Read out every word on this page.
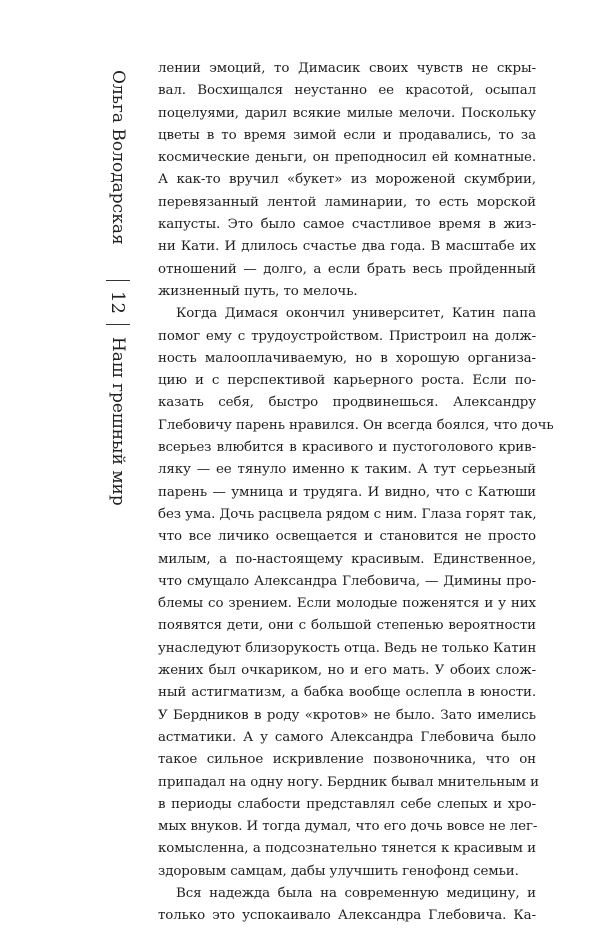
Ольга Володарская
12
Наш грешный мир
лении эмоций, то Димасик своих чувств не скры-
вал. Восхищался неустанно ее красотой, осыпал
поцелуями, дарил всякие милые мелочи. Поскольку
цветы в то время зимой если и продавались, то за
космические деньги, он преподносил ей комнатные.
А как-то вручил «букет» из мороженой скумбрии,
перевязанный лентой ламинарии, то есть морской
капусты. Это было самое счастливое время в жиз-
ни Кати. И длилось счастье два года. В масштабе их
отношений — долго, а если брать весь пройденный
жизненный путь, то мелочь.
Когда Димася окончил университет, Катин папа
помог ему с трудоустройством. Пристроил на долж-
ность малооплачиваемую, но в хорошую организа-
цию и с перспективой карьерного роста. Если по-
казать себя, быстро продвинешься. Александру
Глебовичу парень нравился. Он всегда боялся, что дочь
всерьез влюбится в красивого и пустоголового крив-
ляку — ее тянуло именно к таким. А тут серьезный
парень — умница и трудяга. И видно, что с Катюши
без ума. Дочь расцвела рядом с ним. Глаза горят так,
что все личико освещается и становится не просто
милым, а по-настоящему красивым. Единственное,
что смущало Александра Глебовича, — Димины про-
блемы со зрением. Если молодые поженятся и у них
появятся дети, они с большой степенью вероятности
унаследуют близорукость отца. Ведь не только Катин
жених был очкариком, но и его мать. У обоих слож-
ный астигматизм, а бабка вообще ослепла в юности.
У Бердников в роду «кротов» не было. Зато имелись
астматики. А у самого Александра Глебовича было
такое сильное искривление позвоночника, что он
припадал на одну ногу. Бердник бывал мнительным и
в периоды слабости представлял себе слепых и хро-
мых внуков. И тогда думал, что его дочь вовсе не лег-
комысленна, а подсознательно тянется к красивым и
здоровым самцам, дабы улучшить генофонд семьи.
Вся надежда была на современную медицину, и
только это успокаивало Александра Глебовича. Ка-
